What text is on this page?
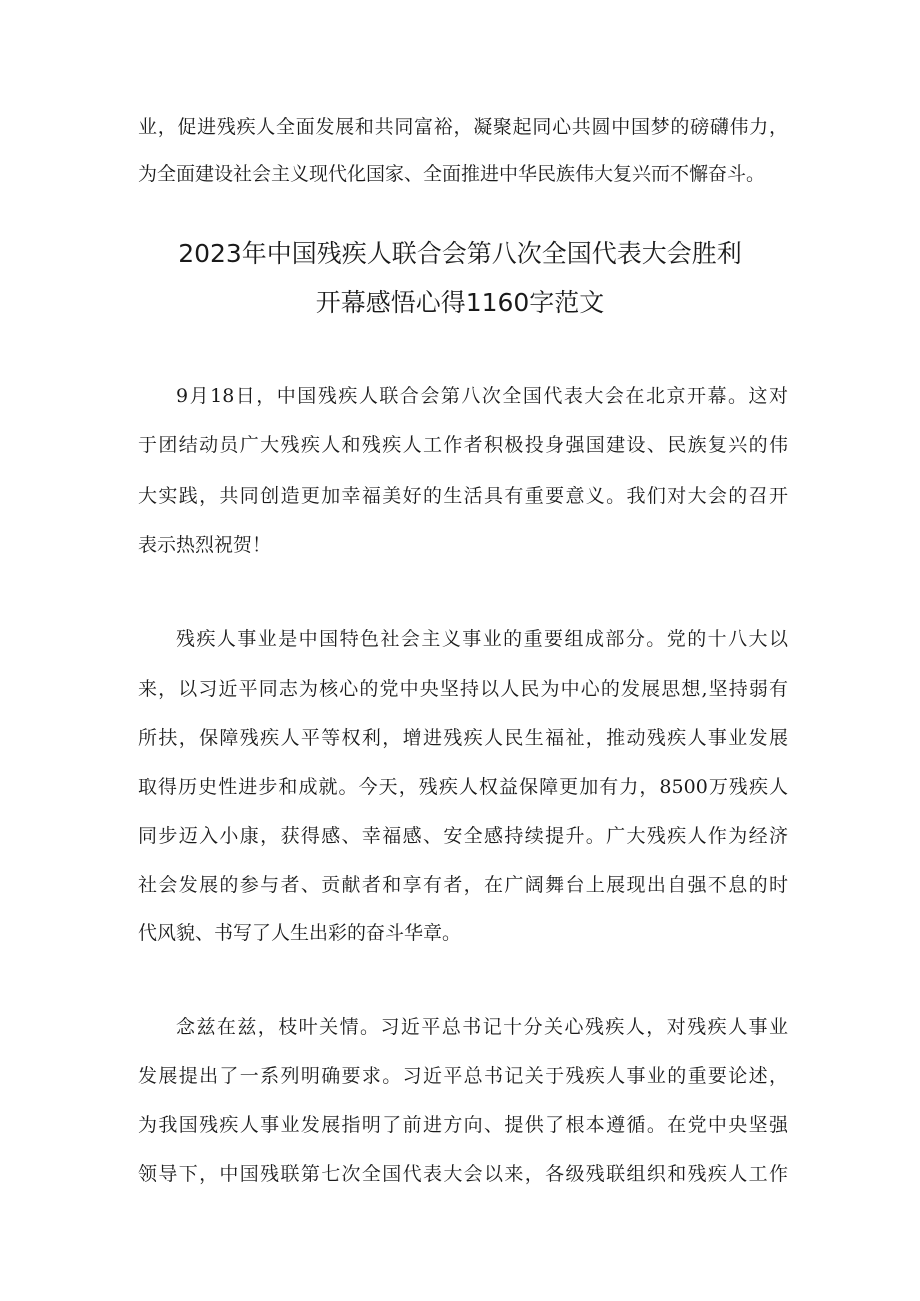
业，促进残疾人全面发展和共同富裕，凝聚起同心共圆中国梦的磅礴伟力，
为全面建设社会主义现代化国家、全面推进中华民族伟大复兴而不懈奋斗。
2023年中国残疾人联合会第八次全国代表大会胜利
开幕感悟心得1160字范文
9月18日，中国残疾人联合会第八次全国代表大会在北京开幕。这对
于团结动员广大残疾人和残疾人工作者积极投身强国建设、民族复兴的伟
大实践，共同创造更加幸福美好的生活具有重要意义。我们对大会的召开
表示热烈祝贺！
残疾人事业是中国特色社会主义事业的重要组成部分。党的十八大以
来，以习近平同志为核心的党中央坚持以人民为中心的发展思想,坚持弱有
所扶，保障残疾人平等权利，增进残疾人民生福祉，推动残疾人事业发展
取得历史性进步和成就。今天，残疾人权益保障更加有力，8500万残疾人
同步迈入小康，获得感、幸福感、安全感持续提升。广大残疾人作为经济
社会发展的参与者、贡献者和享有者，在广阔舞台上展现出自强不息的时
代风貌、书写了人生出彩的奋斗华章。
念兹在兹，枝叶关情。习近平总书记十分关心残疾人，对残疾人事业
发展提出了一系列明确要求。习近平总书记关于残疾人事业的重要论述，
为我国残疾人事业发展指明了前进方向、提供了根本遵循。在党中央坚强
领导下，中国残联第七次全国代表大会以来，各级残联组织和残疾人工作
